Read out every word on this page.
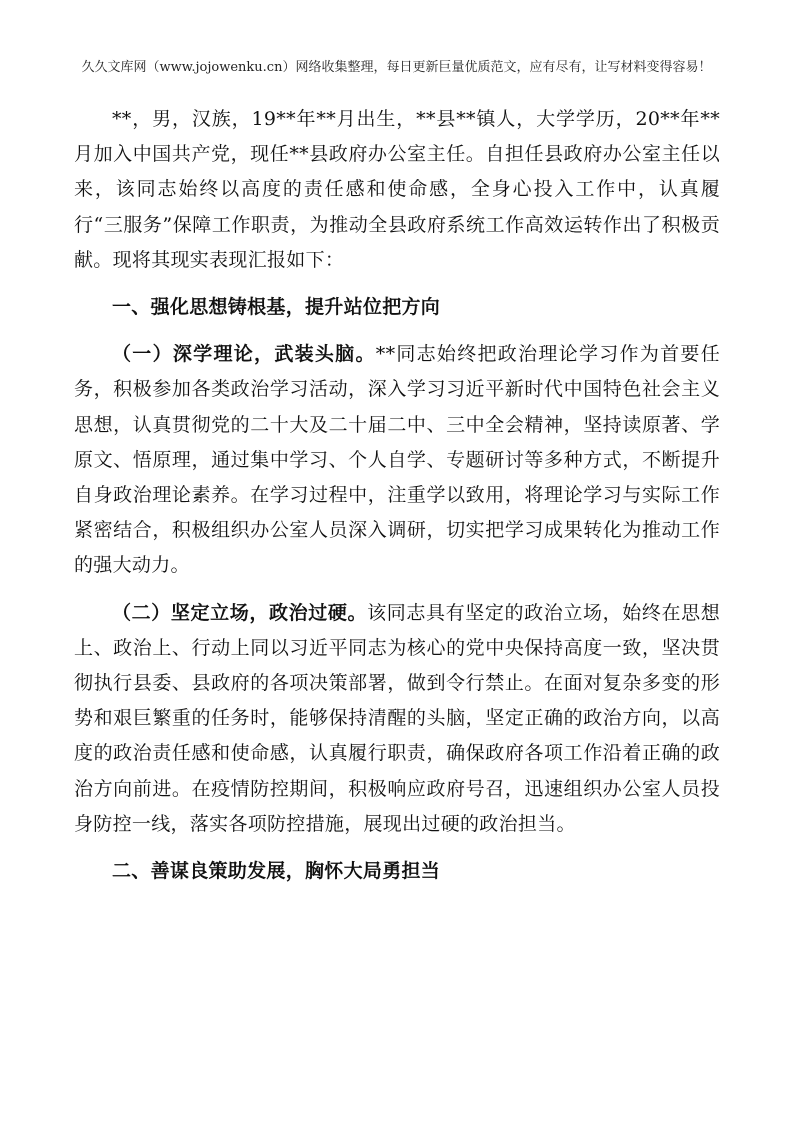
久久文库网（www.jojowenku.cn）网络收集整理，每日更新巨量优质范文，应有尽有，让写材料变得容易！

**，男，汉族，19**年**月出生，**县**镇人，大学学历，20**年**月加入中国共产党，现任**县政府办公室主任。自担任县政府办公室主任以来，该同志始终以高度的责任感和使命感，全身心投入工作中，认真履行“三服务”保障工作职责，为推动全县政府系统工作高效运转作出了积极贡献。现将其现实表现汇报如下：

一、强化思想铸根基，提升站位把方向

（一）深学理论，武装头脑。**同志始终把政治理论学习作为首要任务，积极参加各类政治学习活动，深入学习习近平新时代中国特色社会主义思想，认真贯彻党的二十大及二十届二中、三中全会精神，坚持读原著、学原文、悟原理，通过集中学习、个人自学、专题研讨等多种方式，不断提升自身政治理论素养。在学习过程中，注重学以致用，将理论学习与实际工作紧密结合，积极组织办公室人员深入调研，切实把学习成果转化为推动工作的强大动力。

（二）坚定立场，政治过硬。该同志具有坚定的政治立场，始终在思想上、政治上、行动上同以习近平同志为核心的党中央保持高度一致，坚决贯彻执行县委、县政府的各项决策部署，做到令行禁止。在面对复杂多变的形势和艰巨繁重的任务时，能够保持清醒的头脑，坚定正确的政治方向，以高度的政治责任感和使命感，认真履行职责，确保政府各项工作沿着正确的政治方向前进。在疫情防控期间，积极响应政府号召，迅速组织办公室人员投身防控一线，落实各项防控措施，展现出过硬的政治担当。

二、善谋良策助发展，胸怀大局勇担当
